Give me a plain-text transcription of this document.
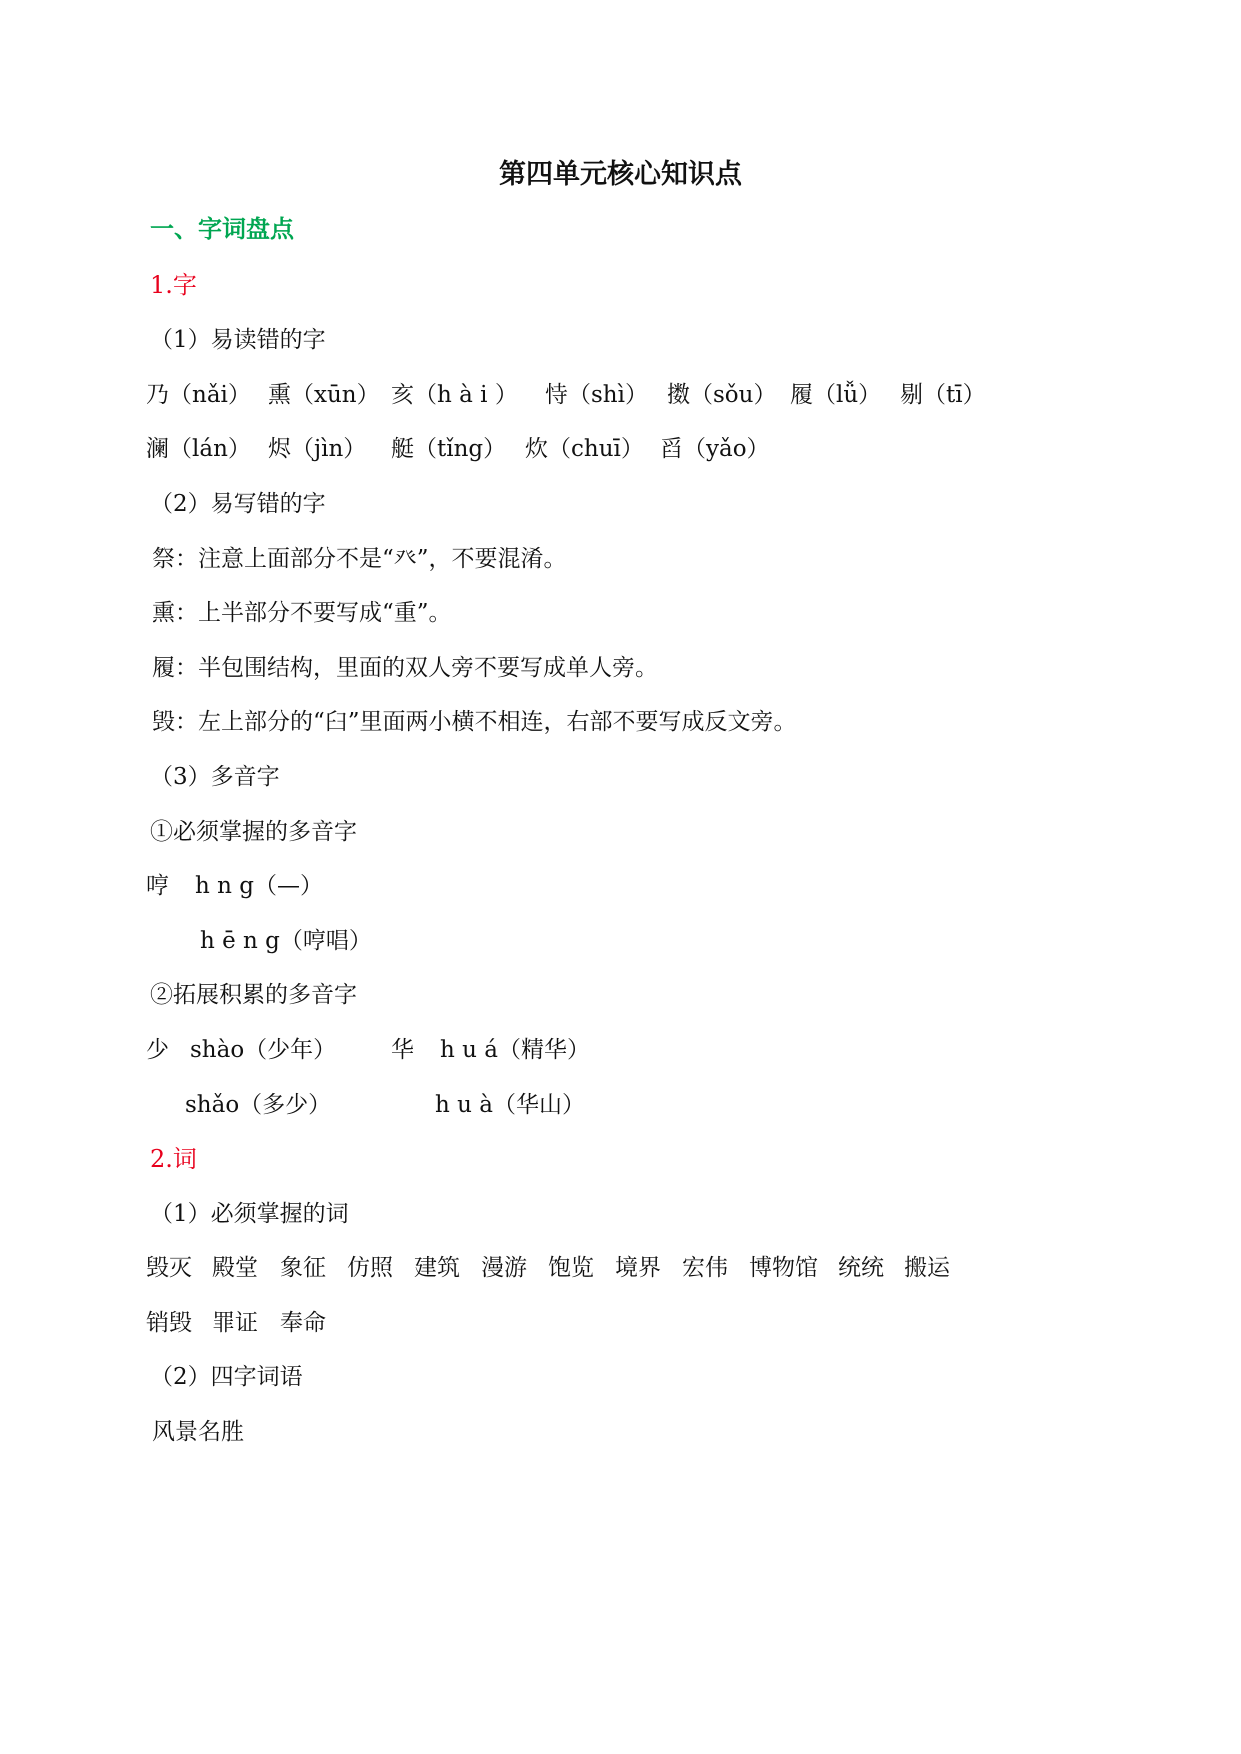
第四单元核心知识点
一、字词盘点
1.字
（1）易读错的字
乃（nǎi） 熏（xūn） 亥（h à i ） 恃（shì） 擞（sǒu） 履（lǚ） 剔（tī）
澜（lán） 烬（jìn） 艇（tǐng） 炊（chuī） 舀（yǎo）
（2）易写错的字
祭：注意上面部分不是“癶”，不要混淆。
熏：上半部分不要写成“重”。
履：半包围结构，里面的双人旁不要写成单人旁。
毁：左上部分的“臼”里面两小横不相连，右部不要写成反文旁。
（3）多音字
①必须掌握的多音字
哼 h n g（—）
h ē n g（哼唱）
②拓展积累的多音字
少 shào（少年） 华 h u á（精华）
shǎo（多少）	h u à（华山）
2.词
（1）必须掌握的词
毁灭 殿堂 象征 仿照 建筑 漫游 饱览 境界 宏伟 博物馆 统统 搬运
销毁 罪证 奉命
（2）四字词语
风景名胜
